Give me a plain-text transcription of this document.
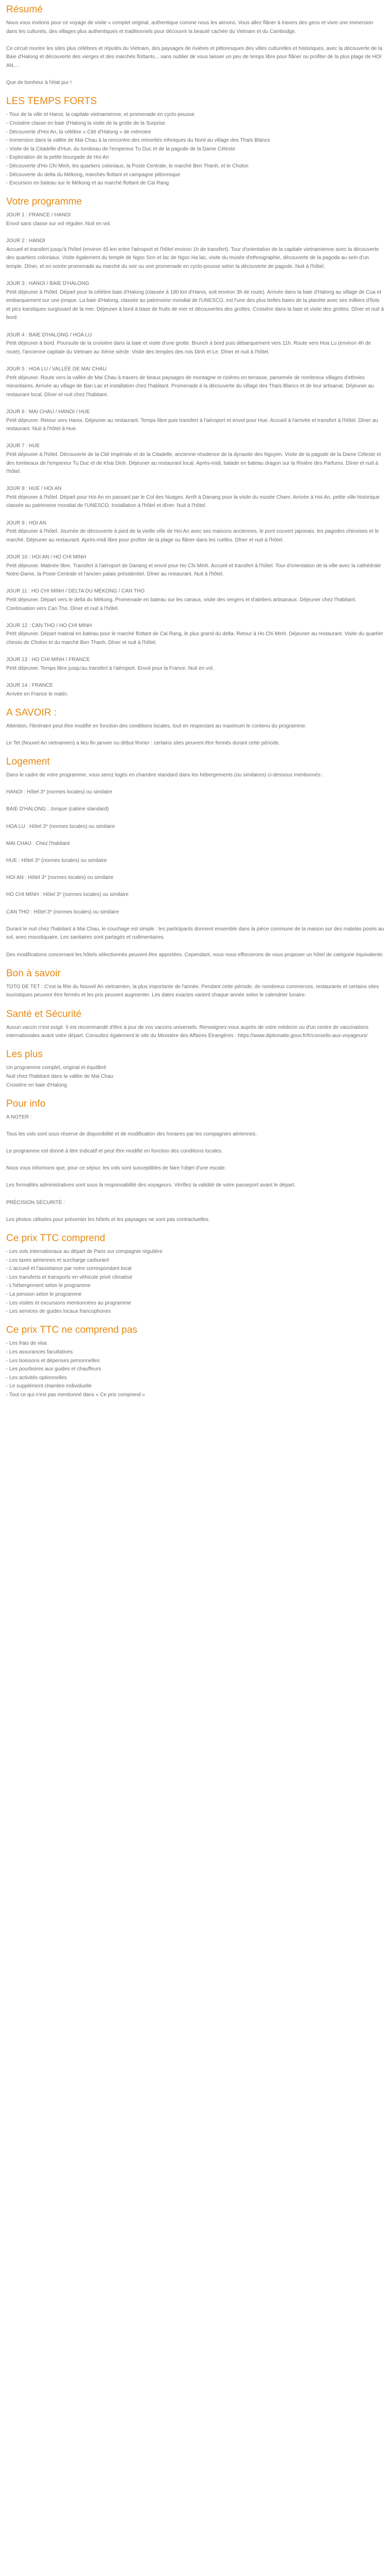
Résumé

Nous vous invitons pour ce voyage de visite « complet original, authentique comme nous les aimons. Vous allez flâner à travers des gens et vivre une immersion dans les culturels, des villages plus authentiques et traditionnels pour découvrir la beauté cachée du Vietnam et du Cambodge.

Ce circuit montre les sites plus célèbres et réputés du Vietnam, des paysages de rivières et pittoresques des villes culturelles et historiques, avec la découverte de la Baie d'Halong et découverte des vierges et des marchés flottants... sans oublier de vous laisser un peu de temps libre pour flâner ou profiter de la plus plage de HOI AN....

Que de bonheur à l'état pur !

LES TEMPS FORTS

- Tour de la ville et Hanoi, la capitale vietnamienne, et promenade en cyclo-pousse

- Croisière classe en baie d'Halong la visite de la grotte de la Surprise

- Découverte d'Hoi An, la célèbre « Cité d'Halong » de mémoire

- Immersion dans la vallée de Mai Chau à la rencontre des minorités ethniques du Nord au village des Thaïs Blancs

- Visite de la Citadelle d'Hue, du tombeau de l'empereur Tu Duc et de la pagode de la Dame Céleste

- Exploration de la petite bourgade de Hoi An

- Découverte d'Ho Chi Minh, les quartiers coloniaux, la Poste Centrale, le marché Ben Thanh, et le Cholon

- Découverte du delta du Mékong, marchés flottant et campagne pittoresque

- Excursion en bateau sur le Mékong et au marché flottant de Cai Rang

Votre programme
JOUR 1 : FRANCE / HANOI

Envol sans classe sur vol régulier. Nuit en vol.

JOUR 2 : HANOI

Accueil et transfert jusqu'à l'hôtel (environ 45 km entre l'aéroport et l'hôtel environ 1h de transfert). Tour d'orientation de la capitale vietnamienne avec la découverte des quartiers coloniaux. Visite également du temple de Ngoc Son et lac de Ngoc Ha lac, visite du musée d'ethnographie, découverte de la pagoda au sein d'un temple. Dîner, et en soirée promenade au marché du soir ou une promenade en cyclo-pousse selon la découverte de pagode. Nuit à l'hôtel.

JOUR 3 : HANOI / BAIE D'HALONG

Petit déjeuner à l'hôtel. Départ pour la célèbre baie d'Halong (classée à 180 km d'Hanoi, soit environ 3h de route). Arrivée dans la baie d'Halong au village de Cua et embarquement sur une jonque. La baie d'Halong, classée au patrimoine mondial de l'UNESCO, est l'une des plus belles baies de la planète avec ses milliers d'îlots et pics karstiques surgissant de la mer. Déjeuner à bord à base de fruits de mer et découvertes des grottes. Croisière dans la baie et visite des grottes. Dîner et nuit à bord.

JOUR 4 : BAIE D'HALONG / HOA LU

Petit déjeuner à bord. Poursuite de la croisière dans la baie et visite d'une grotte. Brunch à bord puis débarquement vers 11h. Route vers Hoa Lu (environ 4h de route), l'ancienne capitale du Vietnam au Xème siècle. Visite des temples des rois Dinh et Le. Dîner et nuit à l'hôtel.

JOUR 5 : HOA LU / VALLÉE DE MAI CHAU

Petit déjeuner. Route vers la vallée de Mai Chau à travers de beaux paysages de montagne et rizières en terrasse, parsemée de nombreux villages d'ethnies minoritaires. Arrivée au village de Ban Lac et installation chez l'habitant. Promenade à la découverte du village des Thaïs Blancs et de leur artisanat. Déjeuner au restaurant local. Dîner et nuit chez l'habitant.

JOUR 6 : MAI CHAU / HANOI / HUE

Petit déjeuner. Retour vers Hanoi. Déjeuner au restaurant. Temps libre puis transfert à l'aéroport et envol pour Hue. Accueil à l'arrivée et transfert à l'hôtel. Dîner au restaurant. Nuit à l'hôtel à Hue.

JOUR 7 : HUE

Petit déjeuner à l'hôtel. Découverte de la Cité Impériale et de la Citadelle, ancienne résidence de la dynastie des Nguyen. Visite de la pagode de la Dame Céleste et des tombeaux de l'empereur Tu Duc et de Khai Dinh. Déjeuner au restaurant local. Après-midi, balade en bateau dragon sur la Rivière des Parfums. Dîner et nuit à l'hôtel.

JOUR 8 : HUE / HOI AN

Petit déjeuner à l'hôtel. Départ pour Hoi An en passant par le Col des Nuages. Arrêt à Danang pour la visite du musée Cham. Arrivée à Hoi An, petite ville historique classée au patrimoine mondial de l'UNESCO. Installation à l'hôtel et dîner. Nuit à l'hôtel.

JOUR 9 : HOI AN

Petit déjeuner à l'hôtel. Journée de découverte à pied de la vieille ville de Hoi An avec ses maisons anciennes, le pont couvert japonais, les pagodes chinoises et le marché. Déjeuner au restaurant. Après-midi libre pour profiter de la plage ou flâner dans les ruelles. Dîner et nuit à l'hôtel.

JOUR 10 : HOI AN / HO CHI MINH

Petit déjeuner. Matinée libre. Transfert à l'aéroport de Danang et envol pour Ho Chi Minh. Accueil et transfert à l'hôtel. Tour d'orientation de la ville avec la cathédrale Notre-Dame, la Poste Centrale et l'ancien palais présidentiel. Dîner au restaurant. Nuit à l'hôtel.

JOUR 11 : HO CHI MINH / DELTA DU MÉKONG / CAN THO

Petit déjeuner. Départ vers le delta du Mékong. Promenade en bateau sur les canaux, visite des vergers et d'ateliers artisanaux. Déjeuner chez l'habitant. Continuation vers Can Tho. Dîner et nuit à l'hôtel.

JOUR 12 : CAN THO / HO CHI MINH

Petit déjeuner. Départ matinal en bateau pour le marché flottant de Cai Rang, le plus grand du delta. Retour à Ho Chi Minh. Déjeuner au restaurant. Visite du quartier chinois de Cholon et du marché Ben Thanh. Dîner et nuit à l'hôtel.

JOUR 13 : HO CHI MINH / FRANCE

Petit déjeuner. Temps libre jusqu'au transfert à l'aéroport. Envol pour la France. Nuit en vol.

JOUR 14 : FRANCE

Arrivée en France le matin.

A SAVOIR :

Attention, l'itinéraire peut être modifié en fonction des conditions locales, tout en respectant au maximum le contenu du programme.

Le Tet (Nouvel An vietnamien) a lieu fin janvier ou début février : certains sites peuvent être fermés durant cette période.

Logement

Dans le cadre de votre programme, vous serez logés en chambre standard dans les hébergements (ou similaires) ci-dessous mentionnés :

HANOI : Hôtel 3* (normes locales) ou similaire

BAIE D'HALONG : Jonque (cabine standard)

HOA LU : Hôtel 3* (normes locales) ou similaire

MAI CHAU : Chez l'habitant

HUE : Hôtel 3* (normes locales) ou similaire

HOI AN : Hôtel 3* (normes locales) ou similaire

HO CHI MINH : Hôtel 3* (normes locales) ou similaire

CAN THO : Hôtel 3* (normes locales) ou similaire

Durant le nuit chez l'habitant à Mai Chau, le couchage est simple : les participants dorment ensemble dans la pièce commune de la maison sur des matelas posés au sol, avec moustiquaire. Les sanitaires sont partagés et rudimentaires.

Des modifications concernant les hôtels sélectionnés peuvent être apportées. Cependant, nous nous efforcerons de vous proposer un hôtel de catégorie équivalente.

Bon à savoir

TOTO DE TET : C'est la fête du Nouvel An vietnamien, la plus importante de l'année. Pendant cette période, de nombreux commerces, restaurants et certains sites touristiques peuvent être fermés et les prix peuvent augmenter. Les dates exactes varient chaque année selon le calendrier lunaire.

Santé et Sécurité

Aucun vaccin n'est exigé. Il est recommandé d'être à jour de vos vaccins universels. Renseignez-vous auprès de votre médecin ou d'un centre de vaccinations internationales avant votre départ. Consultez également le site du Ministère des Affaires Étrangères : https://www.diplomatie.gouv.fr/fr/conseils-aux-voyageurs/

Les plus

Un programme complet, original et équilibré

Nuit chez l'habitant dans la vallée de Mai Chau

Croisière en baie d'Halong

Pour info

A NOTER :

Tous les vols sont sous réserve de disponibilité et de modification des horaires par les compagnies aériennes.

Le programme est donné à titre indicatif et peut être modifié en fonction des conditions locales.

Nous vous informons que, pour ce séjour, les vols sont susceptibles de faire l'objet d'une escale.

Les formalités administratives sont sous la responsabilité des voyageurs. Vérifiez la validité de votre passeport avant le départ.

PRÉCISION SÉCURITÉ :

Les photos utilisées pour présenter les hôtels et les paysages ne sont pas contractuelles.

Ce prix TTC comprend

- Les vols internationaux au départ de Paris sur compagnie régulière

- Les taxes aériennes et surcharge carburant

- L'accueil et l'assistance par notre correspondant local

- Les transferts et transports en véhicule privé climatisé

- L'hébergement selon le programme

- La pension selon le programme

- Les visites et excursions mentionnées au programme

- Les services de guides locaux francophones

Ce prix TTC ne comprend pas

- Les frais de visa

- Les assurances facultatives

- Les boissons et dépenses personnelles

- Les pourboires aux guides et chauffeurs

- Les activités optionnelles

- Le supplément chambre individuelle

- Tout ce qui n'est pas mentionné dans « Ce prix comprend »
